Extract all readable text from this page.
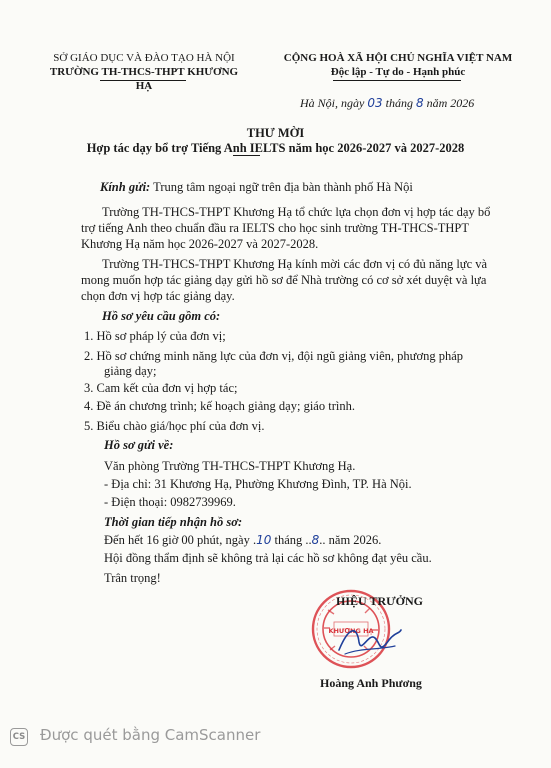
SỞ GIÁO DỤC VÀ ĐÀO TẠO HÀ NỘI
TRƯỜNG TH-THCS-THPT KHƯƠNG HẠ
CỘNG HOÀ XÃ HỘI CHỦ NGHĨA VIỆT NAM
Độc lập - Tự do - Hạnh phúc
Hà Nội, ngày 03 tháng 8 năm 2026
THƯ MỜI
Hợp tác dạy bổ trợ Tiếng Anh IELTS năm học 2026-2027 và 2027-2028
Kính gửi: Trung tâm ngoại ngữ trên địa bàn thành phố Hà Nội
Trường TH-THCS-THPT Khương Hạ tổ chức lựa chọn đơn vị hợp tác dạy bổ
trợ tiếng Anh theo chuẩn đầu ra IELTS cho học sinh trường TH-THCS-THPT
Khương Hạ năm học 2026-2027 và 2027-2028.
Trường TH-THCS-THPT Khương Hạ kính mời các đơn vị có đủ năng lực và
mong muốn hợp tác giảng dạy gửi hồ sơ để Nhà trường có cơ sở xét duyệt và lựa
chọn đơn vị hợp tác giảng dạy.
Hồ sơ yêu cầu gồm có:
1. Hồ sơ pháp lý của đơn vị;
2. Hồ sơ chứng minh năng lực của đơn vị, đội ngũ giảng viên, phương pháp
giảng dạy;
3. Cam kết của đơn vị hợp tác;
4. Đề án chương trình; kế hoạch giảng dạy; giáo trình.
5. Biểu chào giá/học phí của đơn vị.
Hồ sơ gửi về:
Văn phòng Trường TH-THCS-THPT Khương Hạ.
- Địa chỉ: 31 Khương Hạ, Phường Khương Đình, TP. Hà Nội.
- Điện thoại: 0982739969.
Thời gian tiếp nhận hồ sơ:
Đến hết 16 giờ 00 phút, ngày .10 tháng ..8.. năm 2026.
Hội đồng thẩm định sẽ không trả lại các hồ sơ không đạt yêu cầu.
Trân trọng!
KHƯƠNG HẠ
HIỆU TRƯỞNG
Hoàng Anh Phương
CS Được quét bằng CamScanner
